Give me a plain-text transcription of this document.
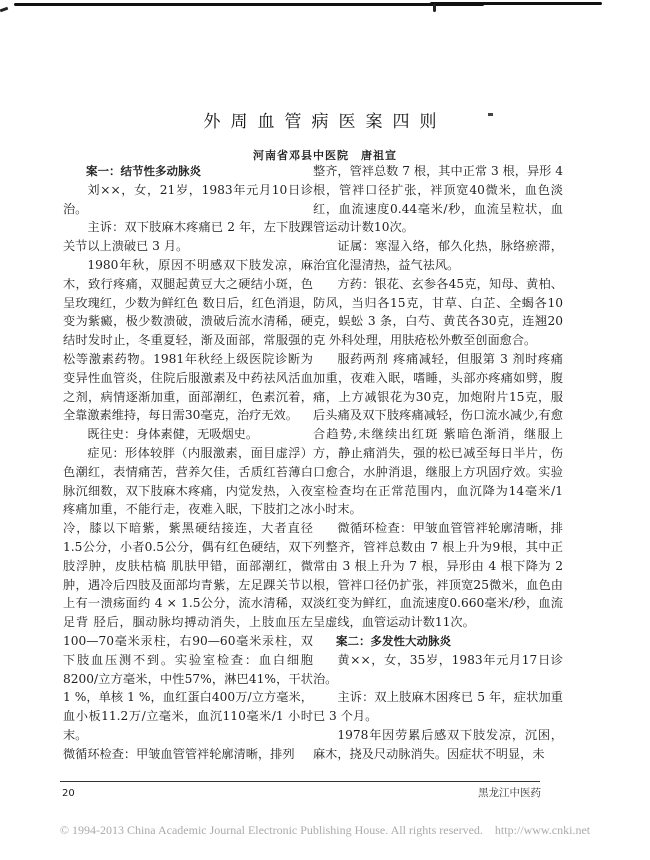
外周血管病医案四则
河南省邓县中医院 唐祖宣

案一：结节性多动脉炎

刘××，女，21岁，1983年元月10日诊治。

主诉：双下肢麻木疼痛已 2 年，左下肢踝关节以上溃破已 3 月。

1980年秋，原因不明感双下肢发凉，麻木，致行疼痛，双腿起黄豆大之硬结小斑，色呈玫瑰红，少数为鲜红色 数日后，红色消退，变为紫癜，极少数溃破，溃破后流水清稀，硬结时发时止，冬重夏轻，渐及面部，常服强的松等激素药物。1981年秋经上级医院诊断为变异性血管炎，住院后服激素及中药祛风活血之剂，病情逐渐加重，面部潮红，色素沉着，全靠激素维持，每日需30毫克，治疗无效。

既往史：身体素健，无吸烟史。

症见：形体较胖（内服激素，面目虚浮）色潮红，表情痛苦，营养欠佳，舌质红苔薄白脉沉细数，双下肢麻木疼痛，内觉发热，入夜疼痛加重，不能行走，夜难入眠，下肢扪之冰冷，膝以下暗紫，紫黑硬结接连，大者直径1.5公分，小者0.5公分，偶有红色硬结，双下肢浮肿，皮肤枯槁 肌肤甲错，面部潮红，微肿，遇冷后四肢及面部均青紫，左足踝关节以上有一溃疡面约 4 × 1.5公分，流水清稀，双足背 胫后，腘动脉均搏动消失，上肢血压左100—70毫米汞柱，右90—60毫米汞柱，双下肢血压测不到。实验室检查：血白细胞8200/立方毫米，中性57%，淋巴41%，干状 1 %，单核 1 %，血红蛋白400万/立方毫米，血小板11.2万/立毫米，血沉110毫米/1 小时末。

微循环检查：甲皱血管管袢轮廓清晰，排列

整齐，管袢总数 7 根，其中正常 3 根，异形 4 根，管袢口径扩张，袢顶宽40微米，血色淡红，血流速度0.44毫米/秒，血流呈粒状，血管运动计数10次。

证属：寒湿入络，郁久化热，脉络瘀滞，治宜化湿清热，益气祛风。

方药：银花、玄参各45克，知母、黄柏、防风，当归各15克，甘草、白芷、全蝎各10克，蜈蚣 3 条，白芍、黄芪各30克，连翘20克 外科处理，用肤疮松外敷至创面愈合。

服药两剂 疼痛减轻，但服第 3 剂时疼痛加重，夜难入眠，嗜睡，头部亦疼痛如劈，腹痛，上方减银花为30克，加炮附片15克，服后头痛及双下肢疼痛减轻，伤口流水减少,有愈合趋势,未继续出红斑 紫暗色渐消，继服上方，静止痛消失，强的松已减至每日半片，伤口愈合，水肿消退，继服上方巩固疗效。实验室检查均在正常范围内，血沉降为14毫米/1 小时末。

微循环检查：甲皱血管管袢轮廓清晰，排列整齐，管袢总数由 7 根上升为9根，其中正常由 3 根上升为 7 根，异形由 4 根下降为 2 根，管袢口径仍扩张，袢顶宽25微米，血色由淡红变为鲜红，血流速度0.660毫米/秒，血流呈虚线，血管运动计数11次。

案二：多发性大动脉炎

黄××，女，35岁，1983年元月17日诊治。

主诉：双上肢麻木困疼已 5 年，症状加重已 3 个月。

1978年因劳累后感双下肢发凉，沉困，麻木，挠及尺动脉消失。因症状不明显，未

20	黑龙江中医药
© 1994-2013 China Academic Journal Electronic Publishing House. All rights reserved. http://www.cnki.net
